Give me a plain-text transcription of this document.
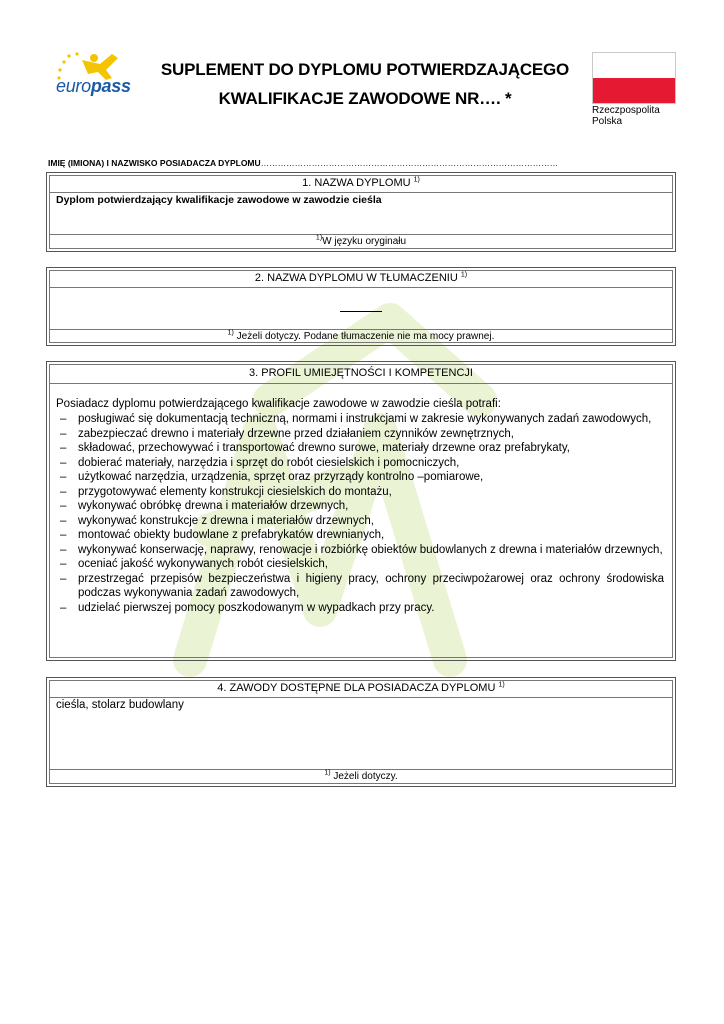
europass
SUPLEMENT DO DYPLOMU POTWIERDZAJĄCEGO
KWALIFIKACJE ZAWODOWE NR…. *
Rzeczpospolita
Polska
IMIĘ (IMIONA) I NAZWISKO POSIADACZA DYPLOMU……………………………………………………………………………………………
1. NAZWA DYPLOMU $^{1)}$
Dyplom potwierdzający kwalifikacje zawodowe w zawodzie cieśla
$^{1)}$W języku oryginału
2. NAZWA DYPLOMU W TŁUMACZENIU $^{1)}$
$^{1)}$ Jeżeli dotyczy. Podane tłumaczenie nie ma mocy prawnej.
3. PROFIL UMIEJĘTNOŚCI I KOMPETENCJI
Posiadacz dyplomu potwierdzającego kwalifikacje zawodowe w zawodzie cieśla potrafi:
– posługiwać się dokumentacją techniczną, normami i instrukcjami w zakresie wykonywanych zadań zawodowych,
– zabezpieczać drewno i materiały drzewne przed działaniem czynników zewnętrznych,
– składować, przechowywać i transportować drewno surowe, materiały drzewne oraz prefabrykaty,
– dobierać materiały, narzędzia i sprzęt do robót ciesielskich i pomocniczych,
– użytkować narzędzia, urządzenia, sprzęt oraz przyrządy kontrolno –pomiarowe,
– przygotowywać elementy konstrukcji ciesielskich do montażu,
– wykonywać obróbkę drewna i materiałów drzewnych,
– wykonywać konstrukcje z drewna i materiałów drzewnych,
– montować obiekty budowlane z prefabrykatów drewnianych,
– wykonywać konserwację, naprawy, renowacje i rozbiórkę obiektów budowlanych z drewna i materiałów drzewnych,
– oceniać jakość wykonywanych robót ciesielskich,
– przestrzegać przepisów bezpieczeństwa i higieny pracy, ochrony przeciwpożarowej oraz ochrony środowiska podczas wykonywania zadań zawodowych,
– udzielać pierwszej pomocy poszkodowanym w wypadkach przy pracy.
4. ZAWODY DOSTĘPNE DLA POSIADACZA DYPLOMU $^{1)}$
cieśla, stolarz budowlany
$^{1)}$ Jeżeli dotyczy.
